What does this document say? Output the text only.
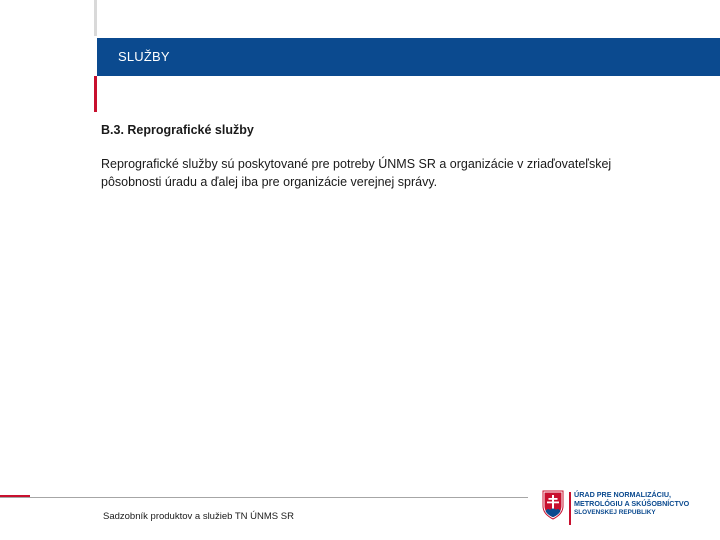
SLUŽBY
B.3. Reprografické služby
Reprografické služby sú poskytované pre potreby ÚNMS SR a organizácie v zriaďovateľskej
pôsobnosti úradu a ďalej iba pre organizácie verejnej správy.
Sadzobník produktov a služieb TN ÚNMS SR
ÚRAD PRE NORMALIZÁCIU,
METROLÓGIU A SKÚŠOBNÍCTVO
SLOVENSKEJ REPUBLIKY
